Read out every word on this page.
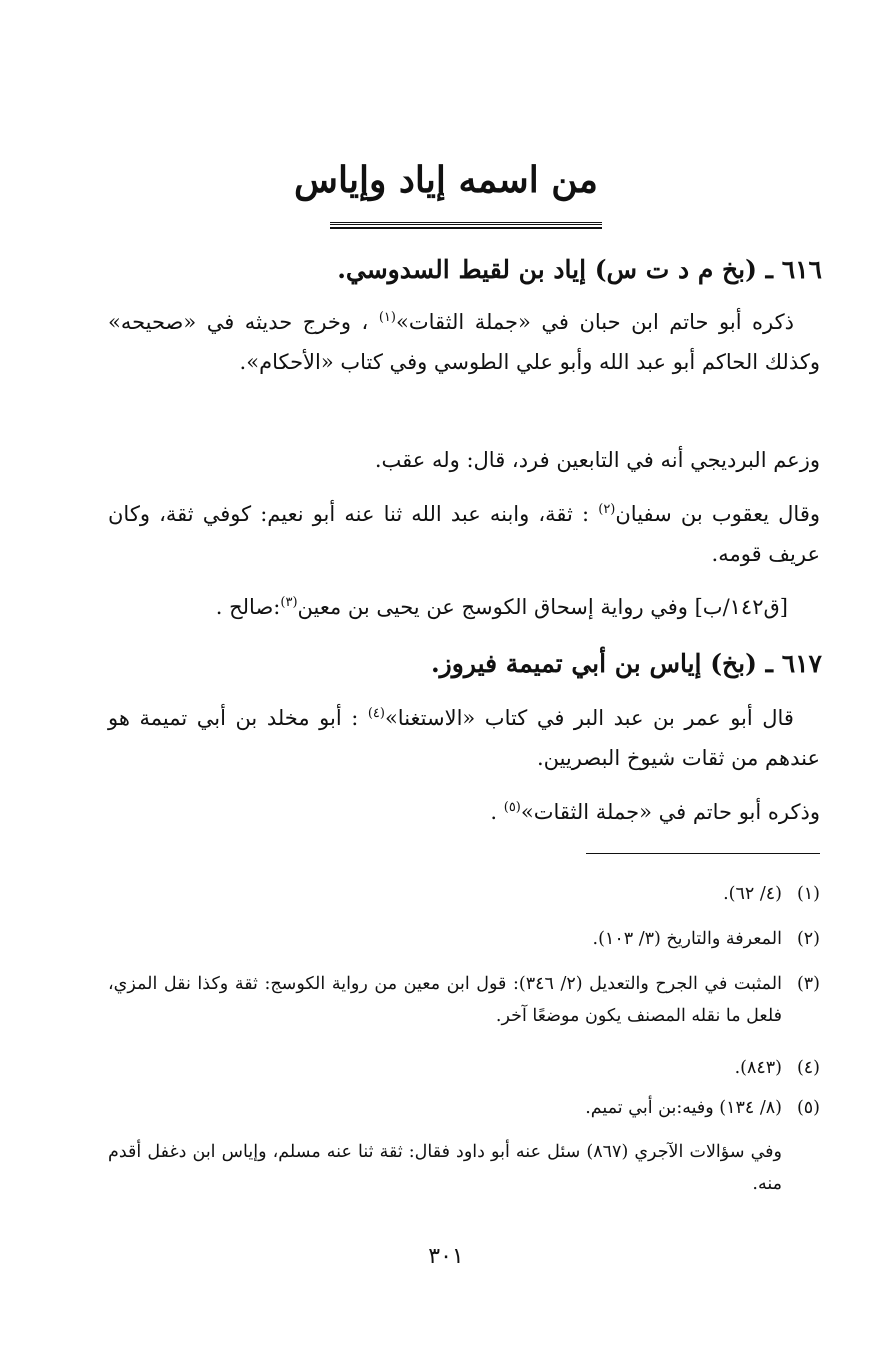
من اسمه إياد وإياس

٦١٦ ـ (بخ م د ت س) إياد بن لقيط السدوسي.

ذكره أبو حاتم ابن حبان في «جملة الثقات»$^{(١)}$ ، وخرج حديثه في «صحيحه» وكذلك الحاكم أبو عبد الله وأبو علي الطوسي وفي كتاب «الأحكام».

وزعم البرديجي أنه في التابعين فرد، قال: وله عقب.

وقال يعقوب بن سفيان$^{(٢)}$ : ثقة، وابنه عبد الله ثنا عنه أبو نعيم: كوفي ثقة، وكان عريف قومه.

[ق١٤٢/ب] وفي رواية إسحاق الكوسج عن يحيى بن معين$^{(٣)}$:صالح .

٦١٧ ـ (بخ) إياس بن أبي تميمة فيروز.

قال أبو عمر بن عبد البر في كتاب «الاستغنا»$^{(٤)}$ : أبو مخلد بن أبي تميمة هو عندهم من ثقات شيوخ البصريين.

وذكره أبو حاتم في «جملة الثقات»$^{(٥)}$ .

(١)
(٤/ ٦٢).
(٢)
المعرفة والتاريخ (٣/ ١٠٣).
(٣)
المثبت في الجرح والتعديل (٢/ ٣٤٦): قول ابن معين من رواية الكوسج: ثقة وكذا نقل المزي، فلعل ما نقله المصنف يكون موضعًا آخر.
(٤)
(٨٤٣).
(٥)
(٨/ ١٣٤) وفيه:بن أبي تميم.

وفي سؤالات الآجري (٨٦٧) سئل عنه أبو داود فقال: ثقة ثنا عنه مسلم، وإياس ابن دغفل أقدم منه.

٣٠١
